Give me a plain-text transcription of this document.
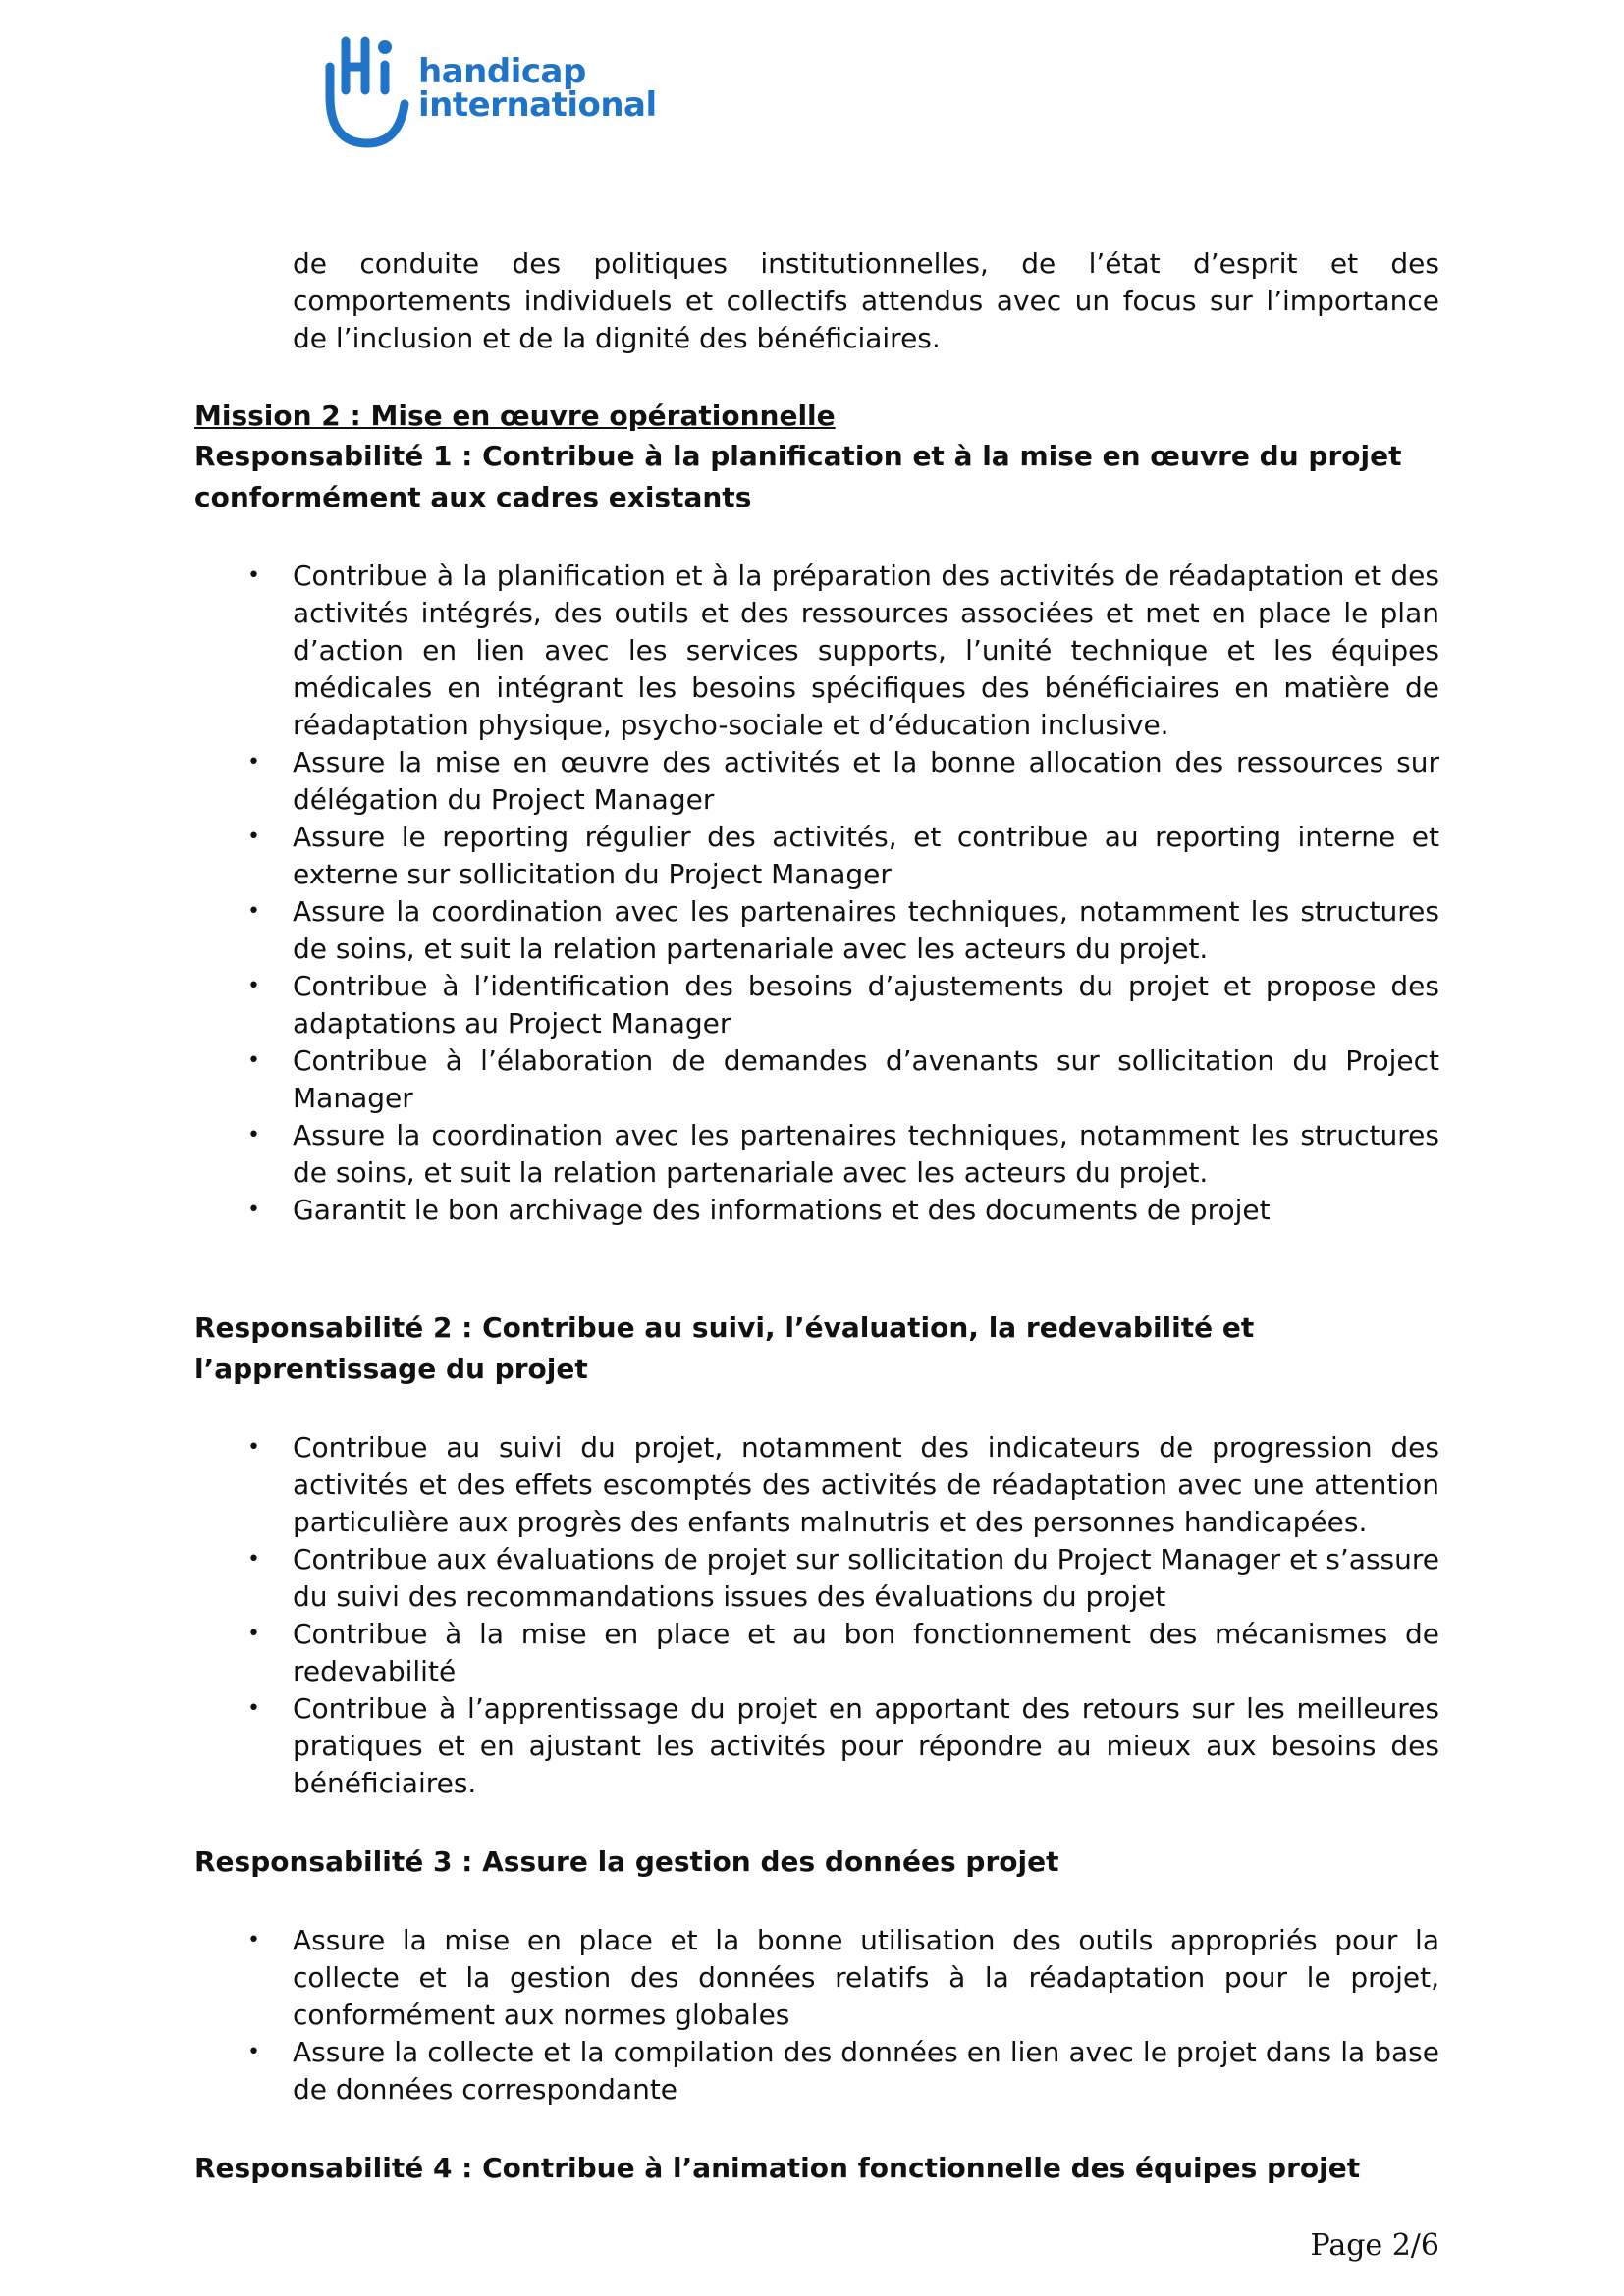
handicap
international

de conduite des politiques institutionnelles, de l’état d’esprit et des comportements individuels et collectifs attendus avec un focus sur l’importance de l’inclusion et de la dignité des bénéficiaires.

Mission 2 : Mise en œuvre opérationnelle
Responsabilité 1 : Contribue à la planification et à la mise en œuvre du projet conformément aux cadres existants
• Contribue à la planification et à la préparation des activités de réadaptation et des activités intégrés, des outils et des ressources associées et met en place le plan d’action en lien avec les services supports, l’unité technique et les équipes médicales en intégrant les besoins spécifiques des bénéficiaires en matière de réadaptation physique, psycho-sociale et d’éducation inclusive.
• Assure la mise en œuvre des activités et la bonne allocation des ressources sur délégation du Project Manager
• Assure le reporting régulier des activités, et contribue au reporting interne et externe sur sollicitation du Project Manager
• Assure la coordination avec les partenaires techniques, notamment les structures de soins, et suit la relation partenariale avec les acteurs du projet.
• Contribue à l’identification des besoins d’ajustements du projet et propose des adaptations au Project Manager
• Contribue à l’élaboration de demandes d’avenants sur sollicitation du Project Manager
• Assure la coordination avec les partenaires techniques, notamment les structures de soins, et suit la relation partenariale avec les acteurs du projet.
• Garantit le bon archivage des informations et des documents de projet
Responsabilité 2 : Contribue au suivi, l’évaluation, la redevabilité et l’apprentissage du projet
• Contribue au suivi du projet, notamment des indicateurs de progression des activités et des effets escomptés des activités de réadaptation avec une attention particulière aux progrès des enfants malnutris et des personnes handicapées.
• Contribue aux évaluations de projet sur sollicitation du Project Manager et s’assure du suivi des recommandations issues des évaluations du projet
• Contribue à la mise en place et au bon fonctionnement des mécanismes de redevabilité
• Contribue à l’apprentissage du projet en apportant des retours sur les meilleures pratiques et en ajustant les activités pour répondre au mieux aux besoins des bénéficiaires.
Responsabilité 3 : Assure la gestion des données projet
• Assure la mise en place et la bonne utilisation des outils appropriés pour la collecte et la gestion des données relatifs à la réadaptation pour le projet, conformément aux normes globales
• Assure la collecte et la compilation des données en lien avec le projet dans la base de données correspondante
Responsabilité 4 : Contribue à l’animation fonctionnelle des équipes projet
Page 2/6
